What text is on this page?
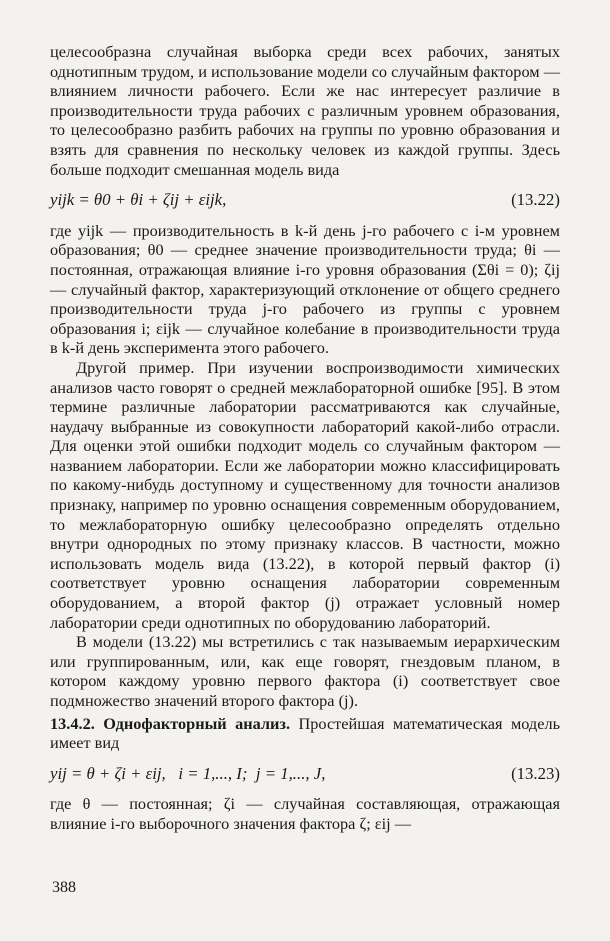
целесообразна случайная выборка среди всех рабочих, занятых однотипным трудом, и использование модели со случайным фактором — влиянием личности рабочего. Если же нас интересует различие в производительности труда рабочих с различным уровнем образования, то целесообразно разбить рабочих на группы по уровню образования и взять для сравнения по нескольку человек из каждой группы. Здесь больше подходит смешанная модель вида

yijk = θ0 + θi + ζij + εijk,	(13.22)

где yijk — производительность в k-й день j-го рабочего с i-м уровнем образования; θ0 — среднее значение производительности труда; θi — постоянная, отражающая влияние i-го уровня образования (Σθi = 0); ζij — случайный фактор, характеризующий отклонение от общего среднего производительности труда j-го рабочего из группы с уровнем образования i; εijk — случайное колебание в производительности труда в k-й день эксперимента этого рабочего.

Другой пример. При изучении воспроизводимости химических анализов часто говорят о средней межлабораторной ошибке [95]. В этом термине различные лаборатории рассматриваются как случайные, наудачу выбранные из совокупности лабораторий какой-либо отрасли. Для оценки этой ошибки подходит модель со случайным фактором — названием лаборатории. Если же лаборатории можно классифицировать по какому-нибудь доступному и существенному для точности анализов признаку, например по уровню оснащения современным оборудованием, то межлабораторную ошибку целесообразно определять отдельно внутри однородных по этому признаку классов. В частности, можно использовать модель вида (13.22), в которой первый фактор (i) соответствует уровню оснащения лаборатории современным оборудованием, а второй фактор (j) отражает условный номер лаборатории среди однотипных по оборудованию лабораторий.

В модели (13.22) мы встретились с так называемым иерархическим или группированным, или, как еще говорят, гнездовым планом, в котором каждому уровню первого фактора (i) соответствует свое подмножество значений второго фактора (j).

13.4.2. Однофакторный анализ. Простейшая математическая модель имеет вид

yij = θ + ζi + εij,   i = 1,..., I;  j = 1,..., J,	(13.23)

где θ — постоянная; ζi — случайная составляющая, отражающая влияние i-го выборочного значения фактора ζ; εij —

388
